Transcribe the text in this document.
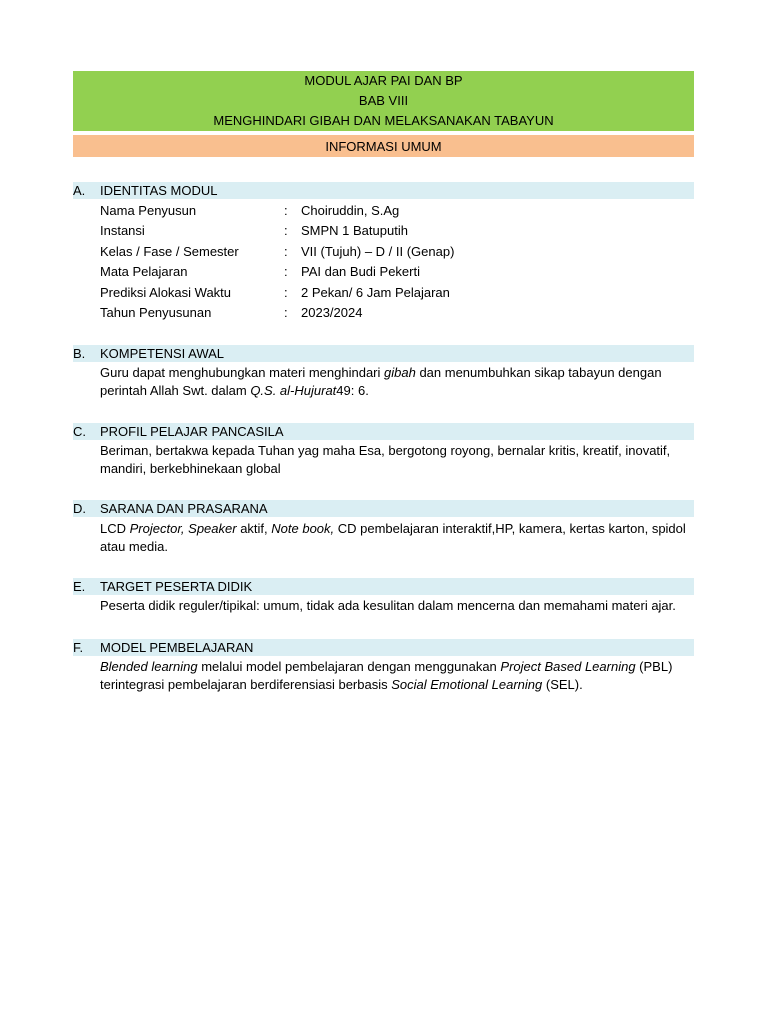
MODUL AJAR PAI DAN BP
BAB VIII
MENGHINDARI GIBAH DAN MELAKSANAKAN TABAYUN
INFORMASI UMUM
A. IDENTITAS MODUL
Nama Penyusun	: Choiruddin, S.Ag
Instansi	: SMPN 1 Batuputih
Kelas / Fase / Semester	: VII (Tujuh) – D / II (Genap)
Mata Pelajaran	: PAI dan Budi Pekerti
Prediksi Alokasi Waktu	: 2 Pekan/ 6 Jam Pelajaran
Tahun Penyusunan	: 2023/2024
B. KOMPETENSI AWAL
Guru dapat menghubungkan materi menghindari gibah dan menumbuhkan sikap tabayun dengan perintah Allah Swt. dalam Q.S. al-Hujurat49: 6.
C. PROFIL PELAJAR PANCASILA
Beriman, bertakwa kepada Tuhan yag maha Esa, bergotong royong, bernalar kritis, kreatif, inovatif, mandiri, berkebhinekaan global
D. SARANA DAN PRASARANA
LCD Projector, Speaker aktif, Note book, CD pembelajaran interaktif,HP, kamera, kertas karton, spidol atau media.
E. TARGET PESERTA DIDIK
Peserta didik reguler/tipikal: umum, tidak ada kesulitan dalam mencerna dan memahami materi ajar.
F. MODEL PEMBELAJARAN
Blended learning melalui model pembelajaran dengan menggunakan Project Based Learning (PBL) terintegrasi pembelajaran berdiferensiasi berbasis Social Emotional Learning (SEL).
